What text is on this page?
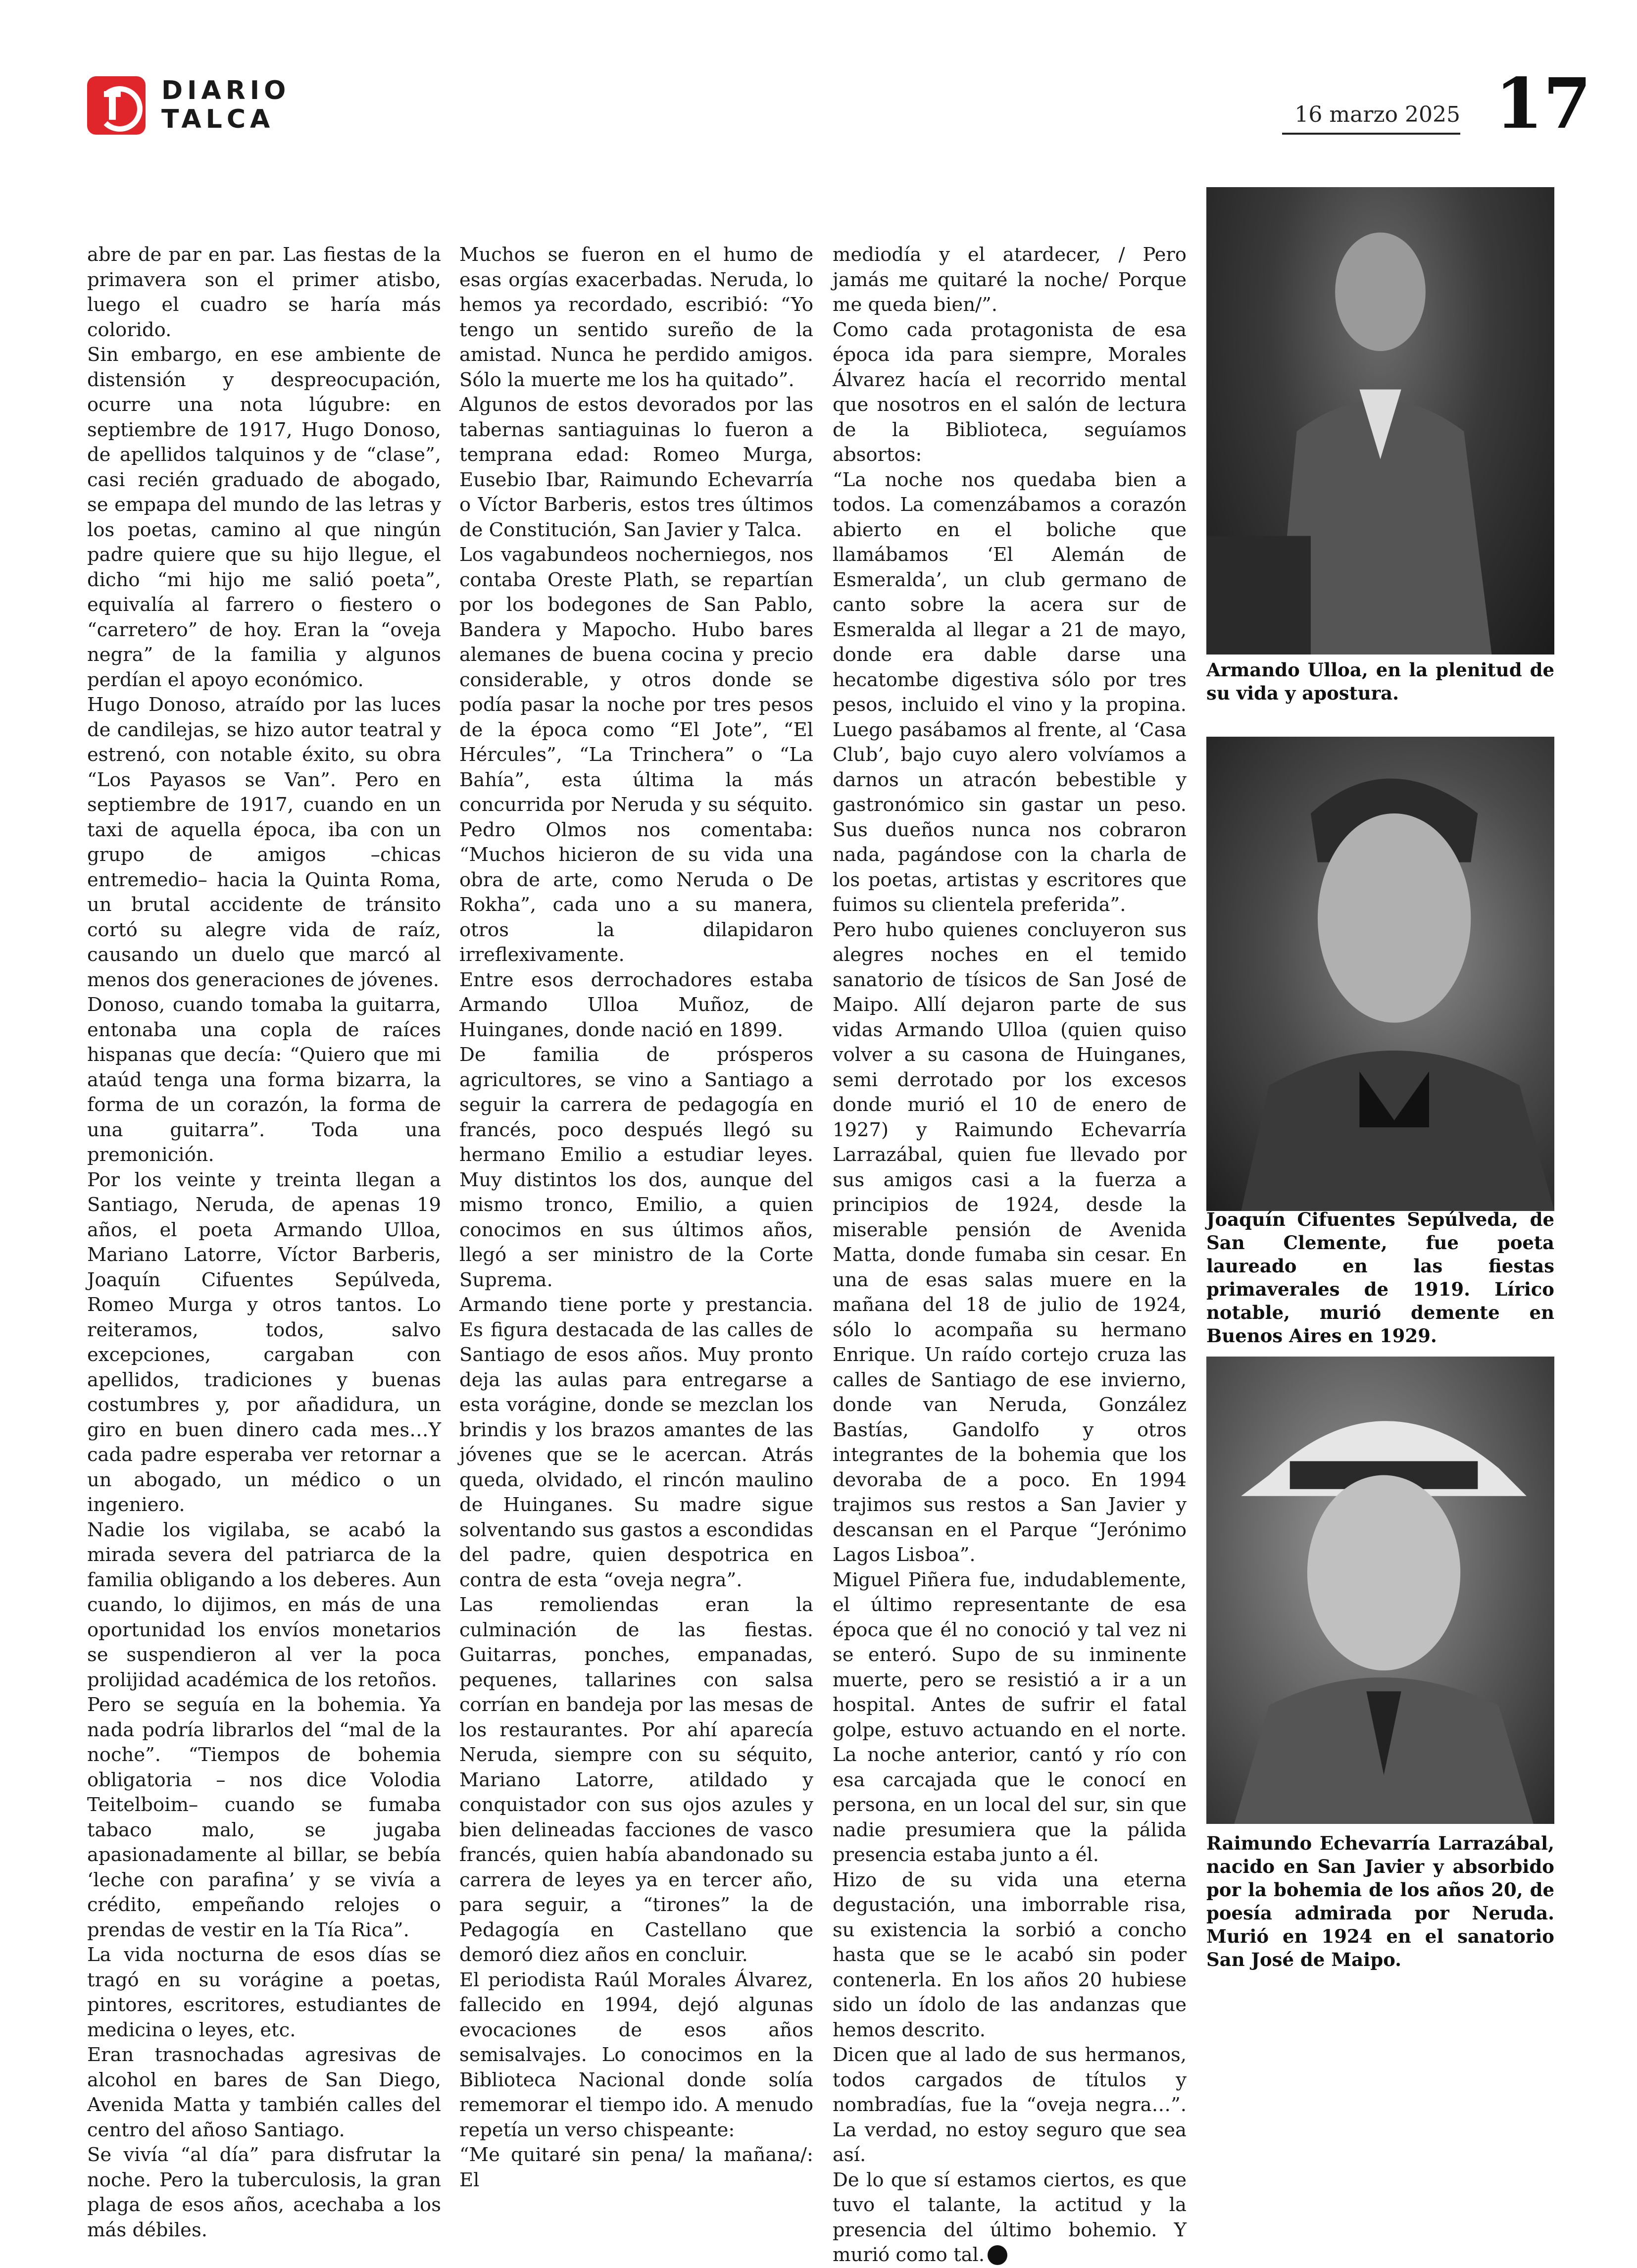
DIARIO
TALCA	16 marzo 2025 17

abre de par en par. Las fiestas de la primavera son el primer atisbo, luego el cuadro se haría más colorido.

Sin embargo, en ese ambiente de distensión y despreocupación, ocurre una nota lúgubre: en septiembre de 1917, Hugo Donoso, de apellidos talquinos y de “clase”, casi recién graduado de abogado, se empapa del mundo de las letras y los poetas, camino al que ningún padre quiere que su hijo llegue, el dicho “mi hijo me salió poeta”, equivalía al farrero o fiestero o “carretero” de hoy. Eran la “oveja negra” de la familia y algunos perdían el apoyo económico.

Hugo Donoso, atraído por las luces de candilejas, se hizo autor teatral y estrenó, con notable éxito, su obra “Los Payasos se Van”. Pero en septiembre de 1917, cuando en un taxi de aquella época, iba con un grupo de amigos –chicas entremedio– hacia la Quinta Roma, un brutal accidente de tránsito cortó su alegre vida de raíz, causando un duelo que marcó al menos dos generaciones de jóvenes.

Donoso, cuando tomaba la guitarra, entonaba una copla de raíces hispanas que decía: “Quiero que mi ataúd tenga una forma bizarra, la forma de un corazón, la forma de una guitarra”. Toda una premonición.

Por los veinte y treinta llegan a Santiago, Neruda, de apenas 19 años, el poeta Armando Ulloa, Mariano Latorre, Víctor Barberis, Joaquín Cifuentes Sepúlveda, Romeo Murga y otros tantos. Lo reiteramos, todos, salvo excepciones, cargaban con apellidos, tradiciones y buenas costumbres y, por añadidura, un giro en buen dinero cada mes…Y cada padre esperaba ver retornar a un abogado, un médico o un ingeniero.

Nadie los vigilaba, se acabó la mirada severa del patriarca de la familia obligando a los deberes. Aun cuando, lo dijimos, en más de una oportunidad los envíos monetarios se suspendieron al ver la poca prolijidad académica de los retoños.

Pero se seguía en la bohemia. Ya nada podría librarlos del “mal de la noche”. “Tiempos de bohemia obligatoria – nos dice Volodia Teitelboim– cuando se fumaba tabaco malo, se jugaba apasionadamente al billar, se bebía ‘leche con parafina’ y se vivía a crédito, empeñando relojes o prendas de vestir en la Tía Rica”.

La vida nocturna de esos días se tragó en su vorágine a poetas, pintores, escritores, estudiantes de medicina o leyes, etc.

Eran trasnochadas agresivas de alcohol en bares de San Diego, Avenida Matta y también calles del centro del añoso Santiago.

Se vivía “al día” para disfrutar la noche. Pero la tuberculosis, la gran plaga de esos años, acechaba a los más débiles.

Muchos se fueron en el humo de esas orgías exacerbadas. Neruda, lo hemos ya recordado, escribió: “Yo tengo un sentido sureño de la amistad. Nunca he perdido amigos. Sólo la muerte me los ha quitado”.

Algunos de estos devorados por las tabernas santiaguinas lo fueron a temprana edad: Romeo Murga, Eusebio Ibar, Raimundo Echevarría o Víctor Barberis, estos tres últimos de Constitución, San Javier y Talca.

Los vagabundeos nocherniegos, nos contaba Oreste Plath, se repartían por los bodegones de San Pablo, Bandera y Mapocho. Hubo bares alemanes de buena cocina y precio considerable, y otros donde se podía pasar la noche por tres pesos de la época como “El Jote”, “El Hércules”, “La Trinchera” o “La Bahía”, esta última la más concurrida por Neruda y su séquito. Pedro Olmos nos comentaba: “Muchos hicieron de su vida una obra de arte, como Neruda o De Rokha”, cada uno a su manera, otros la dilapidaron irreflexivamente.

Entre esos derrochadores estaba Armando Ulloa Muñoz, de Huinganes, donde nació en 1899.

De familia de prósperos agricultores, se vino a Santiago a seguir la carrera de pedagogía en francés, poco después llegó su hermano Emilio a estudiar leyes. Muy distintos los dos, aunque del mismo tronco, Emilio, a quien conocimos en sus últimos años, llegó a ser ministro de la Corte Suprema.

Armando tiene porte y prestancia. Es figura destacada de las calles de Santiago de esos años. Muy pronto deja las aulas para entregarse a esta vorágine, donde se mezclan los brindis y los brazos amantes de las jóvenes que se le acercan. Atrás queda, olvidado, el rincón maulino de Huinganes. Su madre sigue solventando sus gastos a escondidas del padre, quien despotrica en contra de esta “oveja negra”.

Las remoliendas eran la culminación de las fiestas. Guitarras, ponches, empanadas, pequenes, tallarines con salsa corrían en bandeja por las mesas de los restaurantes. Por ahí aparecía Neruda, siempre con su séquito, Mariano Latorre, atildado y conquistador con sus ojos azules y bien delineadas facciones de vasco francés, quien había abandonado su carrera de leyes ya en tercer año, para seguir, a “tirones” la de Pedagogía en Castellano que demoró diez años en concluir.

El periodista Raúl Morales Álvarez, fallecido en 1994, dejó algunas evocaciones de esos años semisalvajes. Lo conocimos en la Biblioteca Nacional donde solía rememorar el tiempo ido. A menudo repetía un verso chispeante:

“Me quitaré sin pena/ la mañana/: El

mediodía y el atardecer, / Pero jamás me quitaré la noche/ Porque me queda bien/”.

Como cada protagonista de esa época ida para siempre, Morales Álvarez hacía el recorrido mental que nosotros en el salón de lectura de la Biblioteca, seguíamos absortos:

“La noche nos quedaba bien a todos. La comenzábamos a corazón abierto en el boliche que llamábamos ‘El Alemán de Esmeralda’, un club germano de canto sobre la acera sur de Esmeralda al llegar a 21 de mayo, donde era dable darse una hecatombe digestiva sólo por tres pesos, incluido el vino y la propina. Luego pasábamos al frente, al ‘Casa Club’, bajo cuyo alero volvíamos a darnos un atracón bebestible y gastronómico sin gastar un peso. Sus dueños nunca nos cobraron nada, pagándose con la charla de los poetas, artistas y escritores que fuimos su clientela preferida”.

Pero hubo quienes concluyeron sus alegres noches en el temido sanatorio de tísicos de San José de Maipo. Allí dejaron parte de sus vidas Armando Ulloa (quien quiso volver a su casona de Huinganes, semi derrotado por los excesos donde murió el 10 de enero de 1927) y Raimundo Echevarría Larrazábal, quien fue llevado por sus amigos casi a la fuerza a principios de 1924, desde la miserable pensión de Avenida Matta, donde fumaba sin cesar. En una de esas salas muere en la mañana del 18 de julio de 1924, sólo lo acompaña su hermano Enrique. Un raído cortejo cruza las calles de Santiago de ese invierno, donde van Neruda, González Bastías, Gandolfo y otros integrantes de la bohemia que los devoraba de a poco. En 1994 trajimos sus restos a San Javier y descansan en el Parque “Jerónimo Lagos Lisboa”.

Miguel Piñera fue, indudablemente, el último representante de esa época que él no conoció y tal vez ni se enteró. Supo de su inminente muerte, pero se resistió a ir a un hospital. Antes de sufrir el fatal golpe, estuvo actuando en el norte. La noche anterior, cantó y río con esa carcajada que le conocí en persona, en un local del sur, sin que nadie presumiera que la pálida presencia estaba junto a él.

Hizo de su vida una eterna degustación, una imborrable risa, su existencia la sorbió a concho hasta que se le acabó sin poder contenerla. En los años 20 hubiese sido un ídolo de las andanzas que hemos descrito.

Dicen que al lado de sus hermanos, todos cargados de títulos y nombradías, fue la “oveja negra…”. La verdad, no estoy seguro que sea así.

De lo que sí estamos ciertos, es que tuvo el talante, la actitud y la presencia del último bohemio. Y murió como tal.

Armando Ulloa, en la plenitud de su vida y apostura.
Joaquín Cifuentes Sepúlveda, de San Clemente, fue poeta laureado en las fiestas primaverales de 1919. Lírico notable, murió demente en Buenos Aires en 1929.
Raimundo Echevarría Larrazábal, nacido en San Javier y absorbido por la bohemia de los años 20, de poesía admirada por Neruda. Murió en 1924 en el sanatorio San José de Maipo.
